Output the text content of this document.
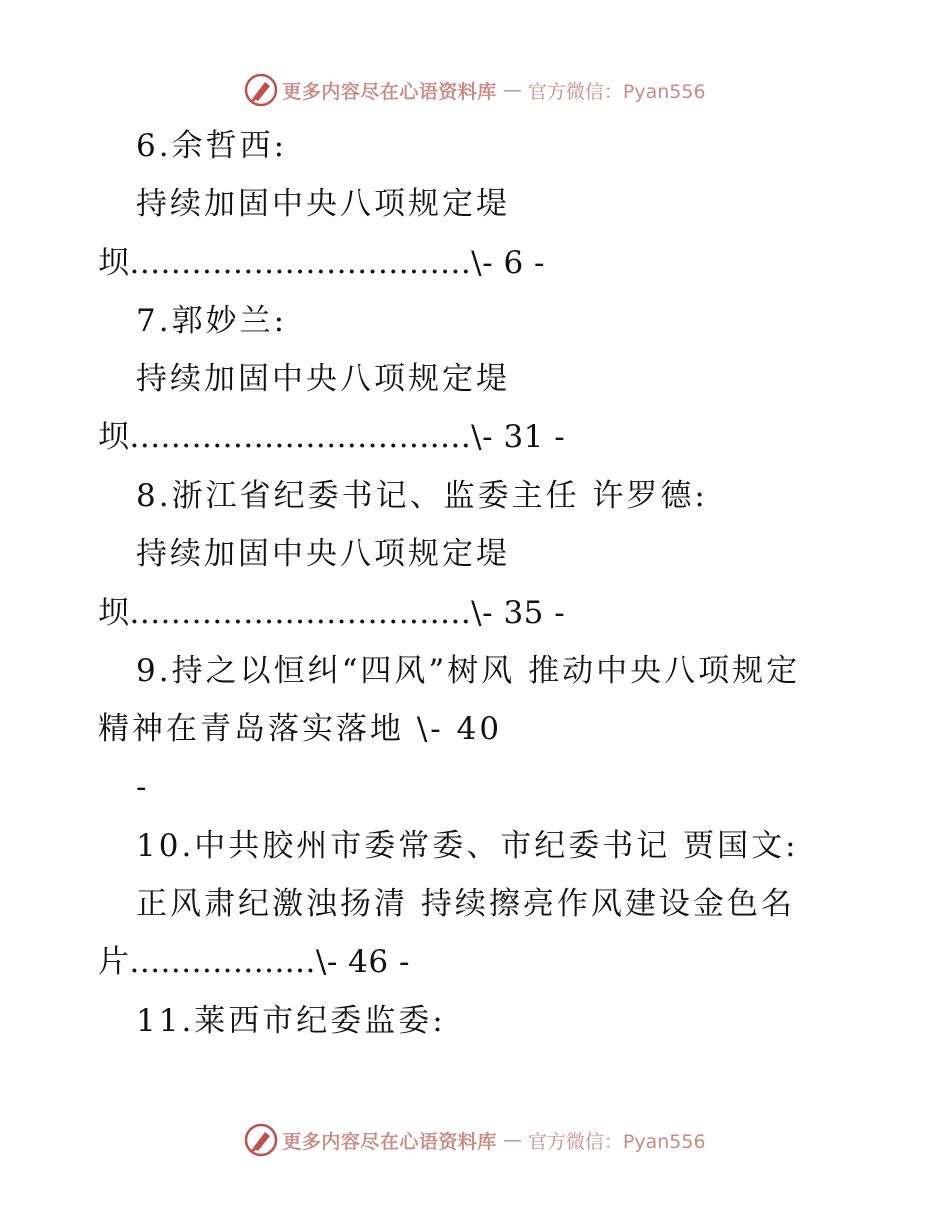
更多内容尽在心语资料库 — 官方微信：Pyan556
6.余哲西:
持续加固中央八项规定堤
坝.................................\- 6 -
7.郭妙兰:
持续加固中央八项规定堤
坝.................................\- 31 -
8.浙江省纪委书记、监委主任 许罗德:
持续加固中央八项规定堤
坝.................................\- 35 -
9.持之以恒纠“四风”树风 推动中央八项规定
精神在青岛落实落地 \- 40
-
10.中共胶州市委常委、市纪委书记 贾国文:
正风肃纪激浊扬清 持续擦亮作风建设金色名
片..................\- 46 -
11.莱西市纪委监委:
更多内容尽在心语资料库 — 官方微信：Pyan556
